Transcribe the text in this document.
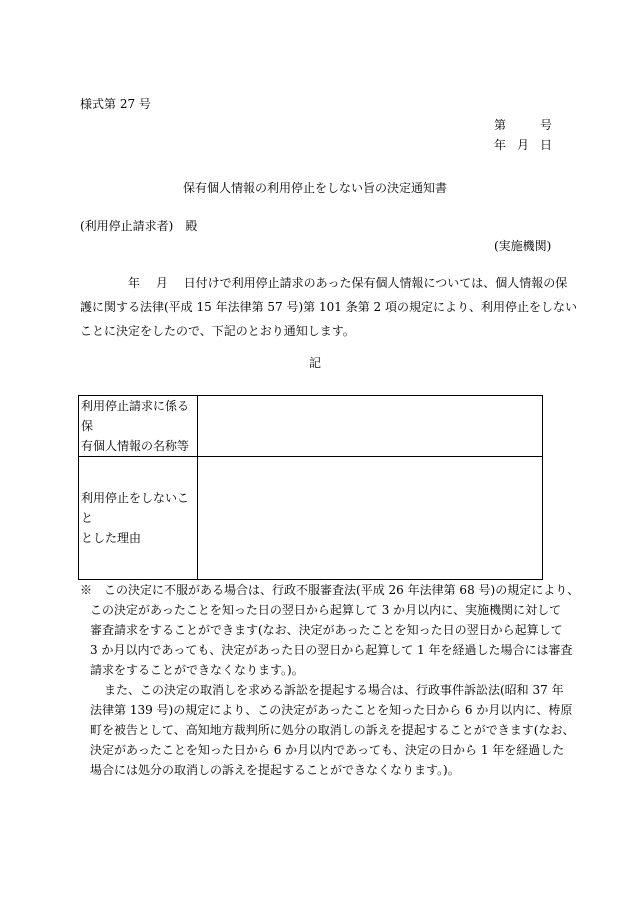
様式第 27 号
第	号
年 月 日
保有個人情報の利用停止をしない旨の決定通知書
(利用停止請求者)　殿
(実施機関)
年　 月　 日付けで利用停止請求のあった保有個人情報については、個人情報の保
護に関する法律(平成 15 年法律第 57 号)第 101 条第 2 項の規定により、利用停止をしない
ことに決定をしたので、下記のとおり通知します。
記
利用停止請求に係る保
有個人情報の名称等	
利用停止をしないこと
とした理由	
※　 この決定に不服がある場合は、行政不服審査法(平成 26 年法律第 68 号)の規定により、
この決定があったことを知った日の翌日から起算して 3 か月以内に、実施機関に対して
審査請求をすることができます(なお、決定があったことを知った日の翌日から起算して
3 か月以内であっても、決定があった日の翌日から起算して 1 年を経過した場合には審査
請求をすることができなくなります。)。
また、この決定の取消しを求める訴訟を提起する場合は、行政事件訴訟法(昭和 37 年
法律第 139 号)の規定により、この決定があったことを知った日から 6 か月以内に、梼原
町を被告として、高知地方裁判所に処分の取消しの訴えを提起することができます(なお、
決定があったことを知った日から 6 か月以内であっても、決定の日から 1 年を経過した
場合には処分の取消しの訴えを提起することができなくなります。)。
